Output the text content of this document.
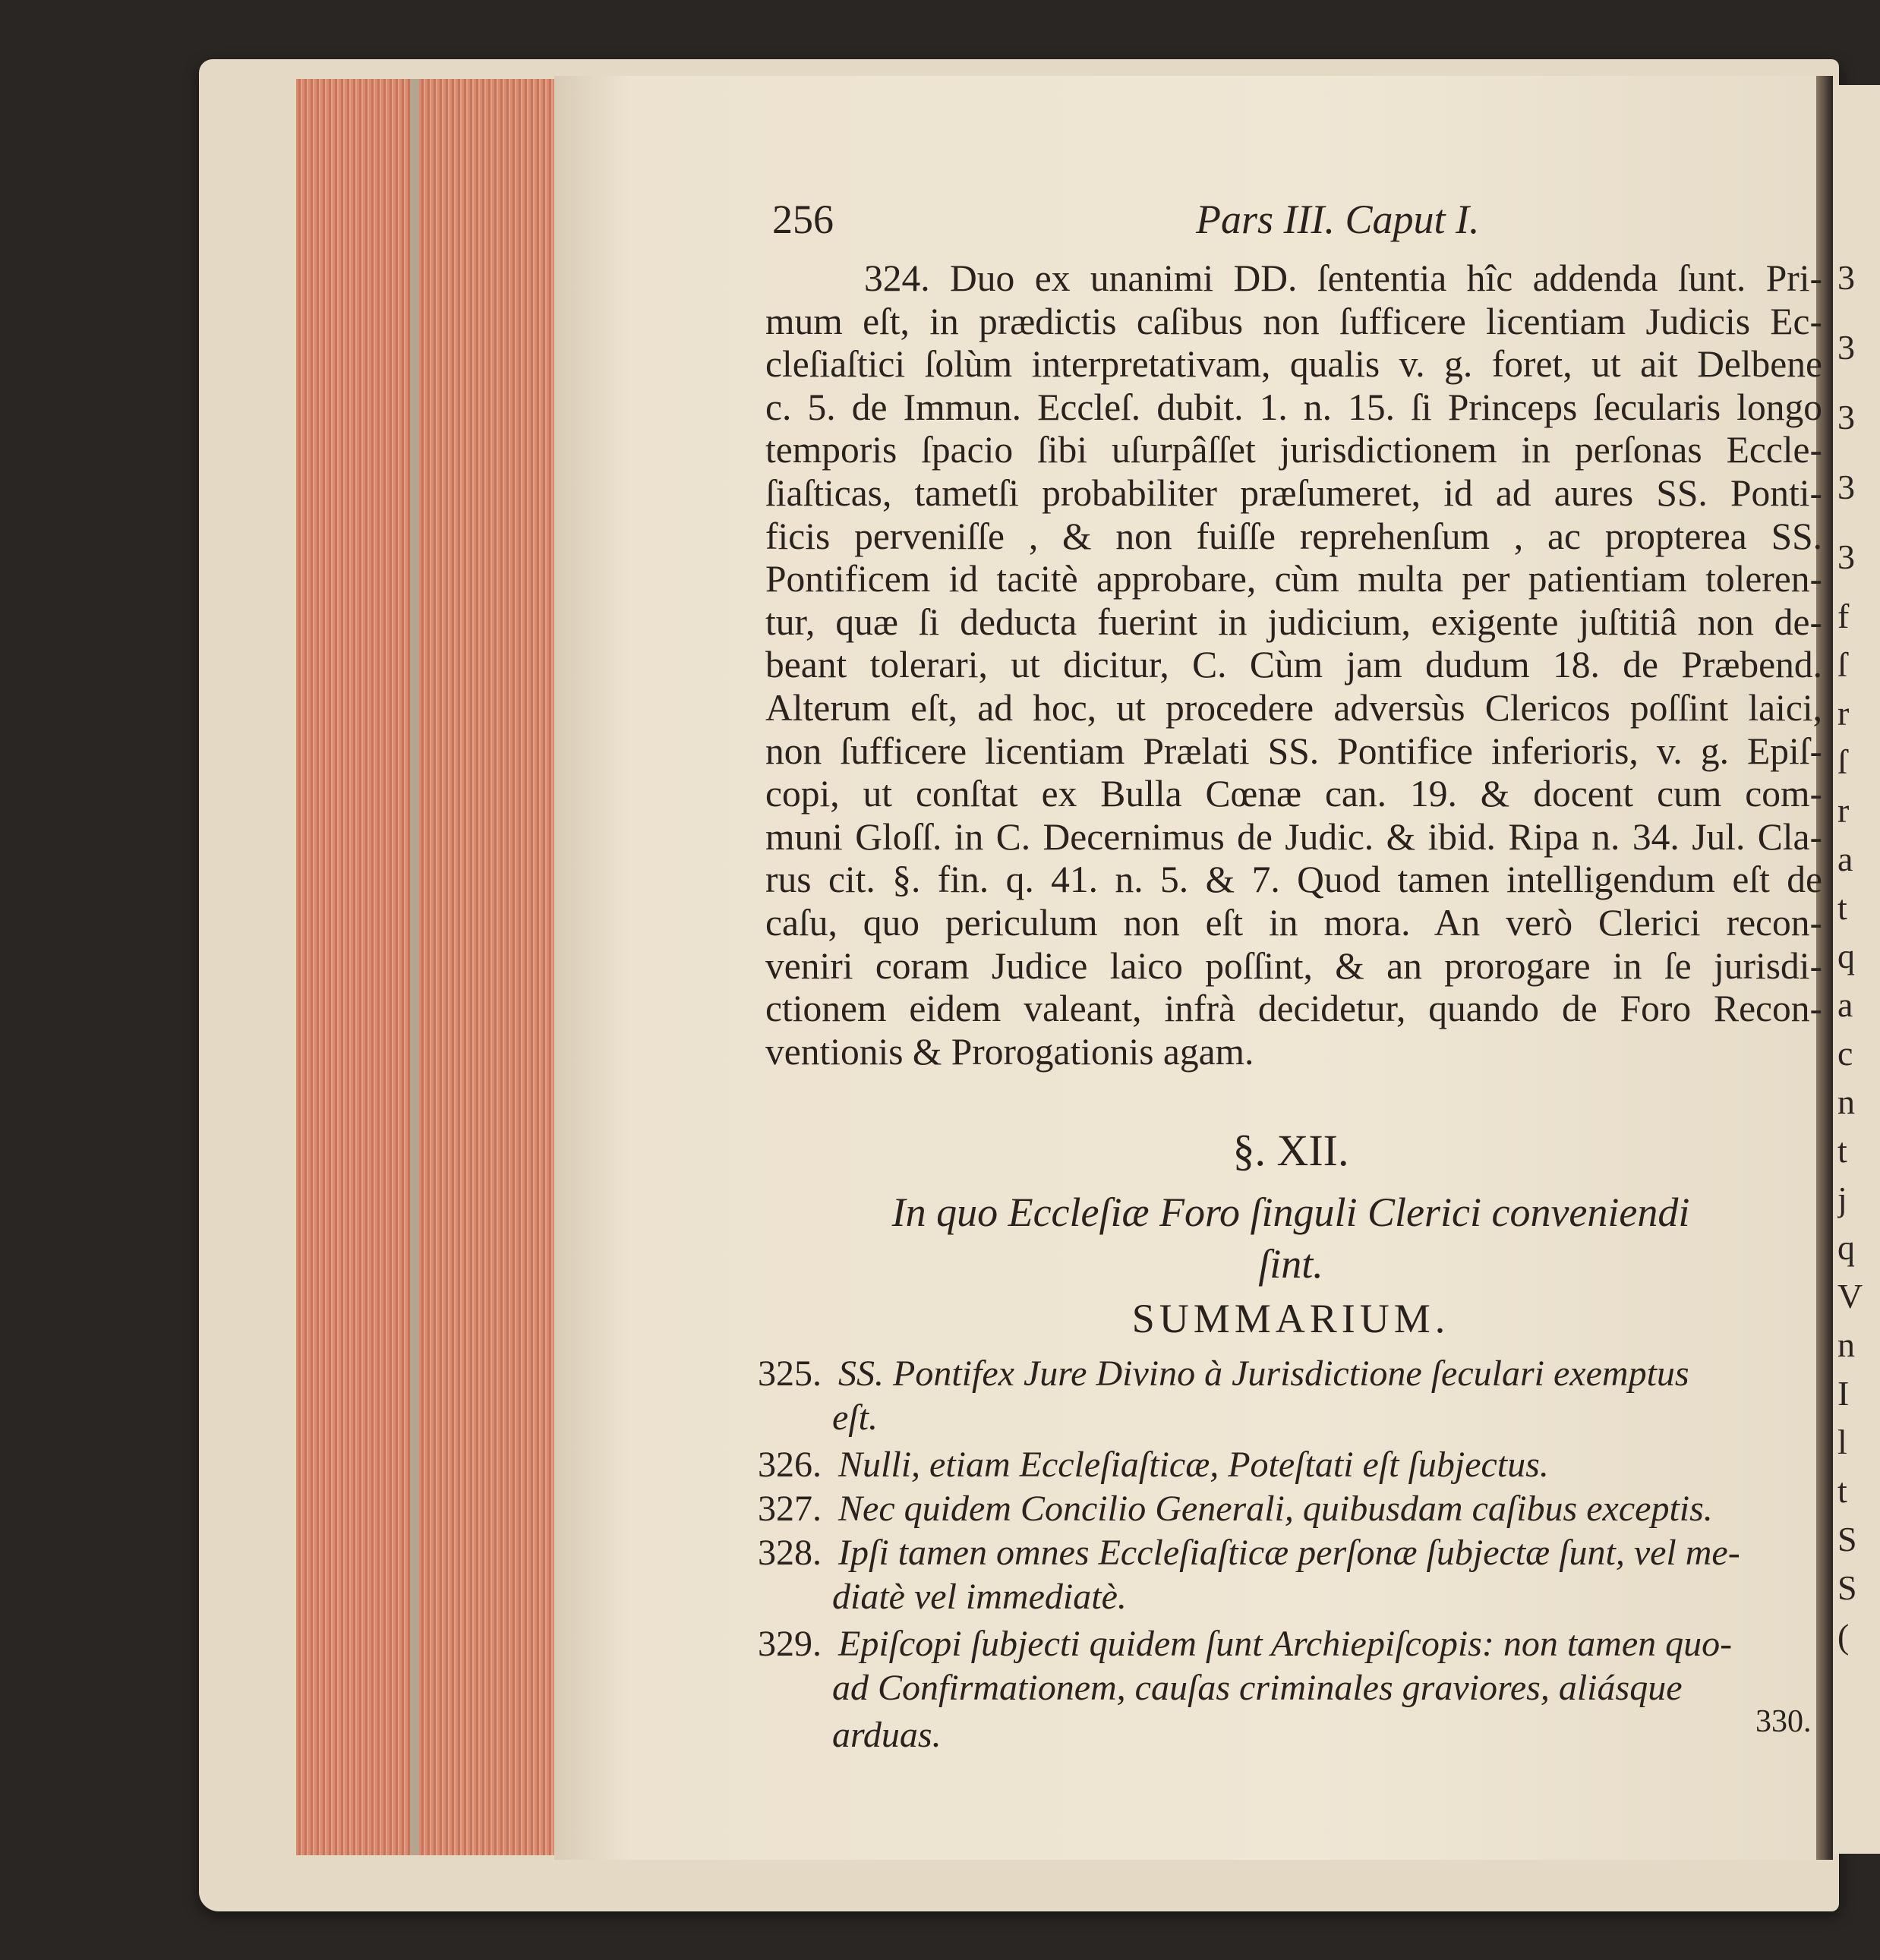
3
3
3
3
3
f
ſ
r
ſ
r
a
t
q
a
c
n
t
j
q
V
n
I
l
t
S
S
(
256	Pars III. Caput I.
324. Duo ex unanimi DD. ſententia hîc addenda ſunt. Pri-
mum eſt, in prædictis caſibus non ſufficere licentiam Judicis Ec-
cleſiaſtici ſolùm interpretativam, qualis v. g. foret, ut ait Delbene
c. 5. de Immun. Eccleſ. dubit. 1. n. 15. ſi Princeps ſecularis longo
temporis ſpacio ſibi uſurpâſſet jurisdictionem in perſonas Eccle-
ſiaſticas, tametſi probabiliter præſumeret, id ad aures SS. Ponti-
ficis perveniſſe , & non fuiſſe reprehenſum , ac propterea SS.
Pontificem id tacitè approbare, cùm multa per patientiam toleren-
tur, quæ ſi deducta fuerint in judicium, exigente juſtitiâ non de-
beant tolerari, ut dicitur, C. Cùm jam dudum 18. de Præbend.
Alterum eſt, ad hoc, ut procedere adversùs Clericos poſſint laici,
non ſufficere licentiam Prælati SS. Pontifice inferioris, v. g. Epiſ-
copi, ut conſtat ex Bulla Cœnæ can. 19. & docent cum com-
muni Gloſſ. in C. Decernimus de Judic. & ibid. Ripa n. 34. Jul. Cla-
rus cit. §. fin. q. 41. n. 5. & 7. Quod tamen intelligendum eſt de
caſu, quo periculum non eſt in mora. An verò Clerici recon-
veniri coram Judice laico poſſint, & an prorogare in ſe jurisdi-
ctionem eidem valeant, infrà decidetur, quando de Foro Recon-
ventionis & Prorogationis agam.
§. XII.
In quo Eccleſiæ Foro ſinguli Clerici conveniendi
ſint.
SUMMARIUM.
325. SS. Pontifex Jure Divino à Jurisdictione ſeculari exemptus
eſt.
326. Nulli, etiam Eccleſiaſticæ, Poteſtati eſt ſubjectus.
327. Nec quidem Concilio Generali, quibusdam caſibus exceptis.
328. Ipſi tamen omnes Eccleſiaſticæ perſonæ ſubjectæ ſunt, vel me-
diatè vel immediatè.
329. Epiſcopi ſubjecti quidem ſunt Archiepiſcopis: non tamen quo-
ad Confirmationem, cauſas criminales graviores, aliásque
arduas.	330.
